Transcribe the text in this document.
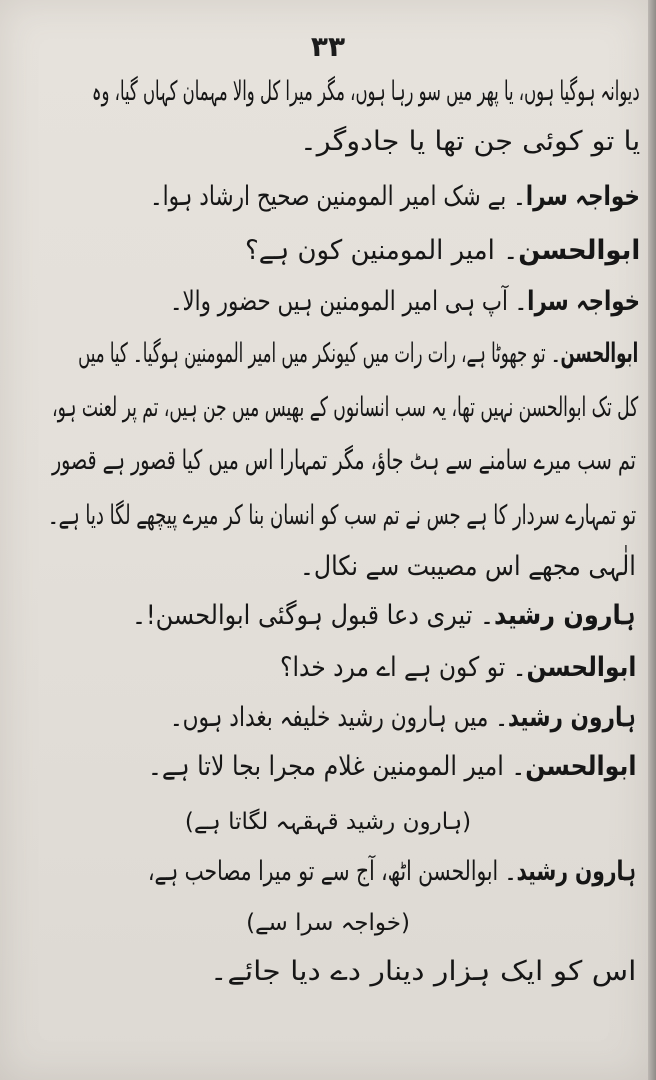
۳۳
دیوانہ ہوگیا ہوں، یا پھر میں سو رہا ہوں، مگر میرا کل والا مہمان کہاں گیا، وہ
یا تو کوئی جن تھا یا جادوگر۔
خواجہ سرا۔ بے شک امیر المومنین صحیح ارشاد ہوا۔
ابوالحسن۔ امیر المومنین کون ہے؟
خواجہ سرا۔ آپ ہی امیر المومنین ہیں حضور والا۔
ابوالحسن۔ تو جھوٹا ہے، رات رات میں کیونکر میں امیر المومنین ہوگیا۔ کیا میں
کل تک ابوالحسن نہیں تھا، یہ سب انسانوں کے بھیس میں جن ہیں، تم پر لعنت ہو،
تم سب میرے سامنے سے ہٹ جاؤ، مگر تمہارا اس میں کیا قصور ہے قصور
تو تمہارے سردار کا ہے جس نے تم سب کو انسان بنا کر میرے پیچھے لگا دیا ہے۔
الٰہی مجھے اس مصیبت سے نکال۔
ہارون رشید۔ تیری دعا قبول ہوگئی ابوالحسن!۔
ابوالحسن۔ تو کون ہے اے مرد خدا؟
ہارون رشید۔ میں ہارون رشید خلیفہ بغداد ہوں۔
ابوالحسن۔ امیر المومنین غلام مجرا بجا لاتا ہے۔
(ہارون رشید قہقہہ لگاتا ہے)
ہارون رشید۔ ابوالحسن اٹھ، آج سے تو میرا مصاحب ہے،
(خواجہ سرا سے)
اس کو ایک ہزار دینار دے دیا جائے۔
